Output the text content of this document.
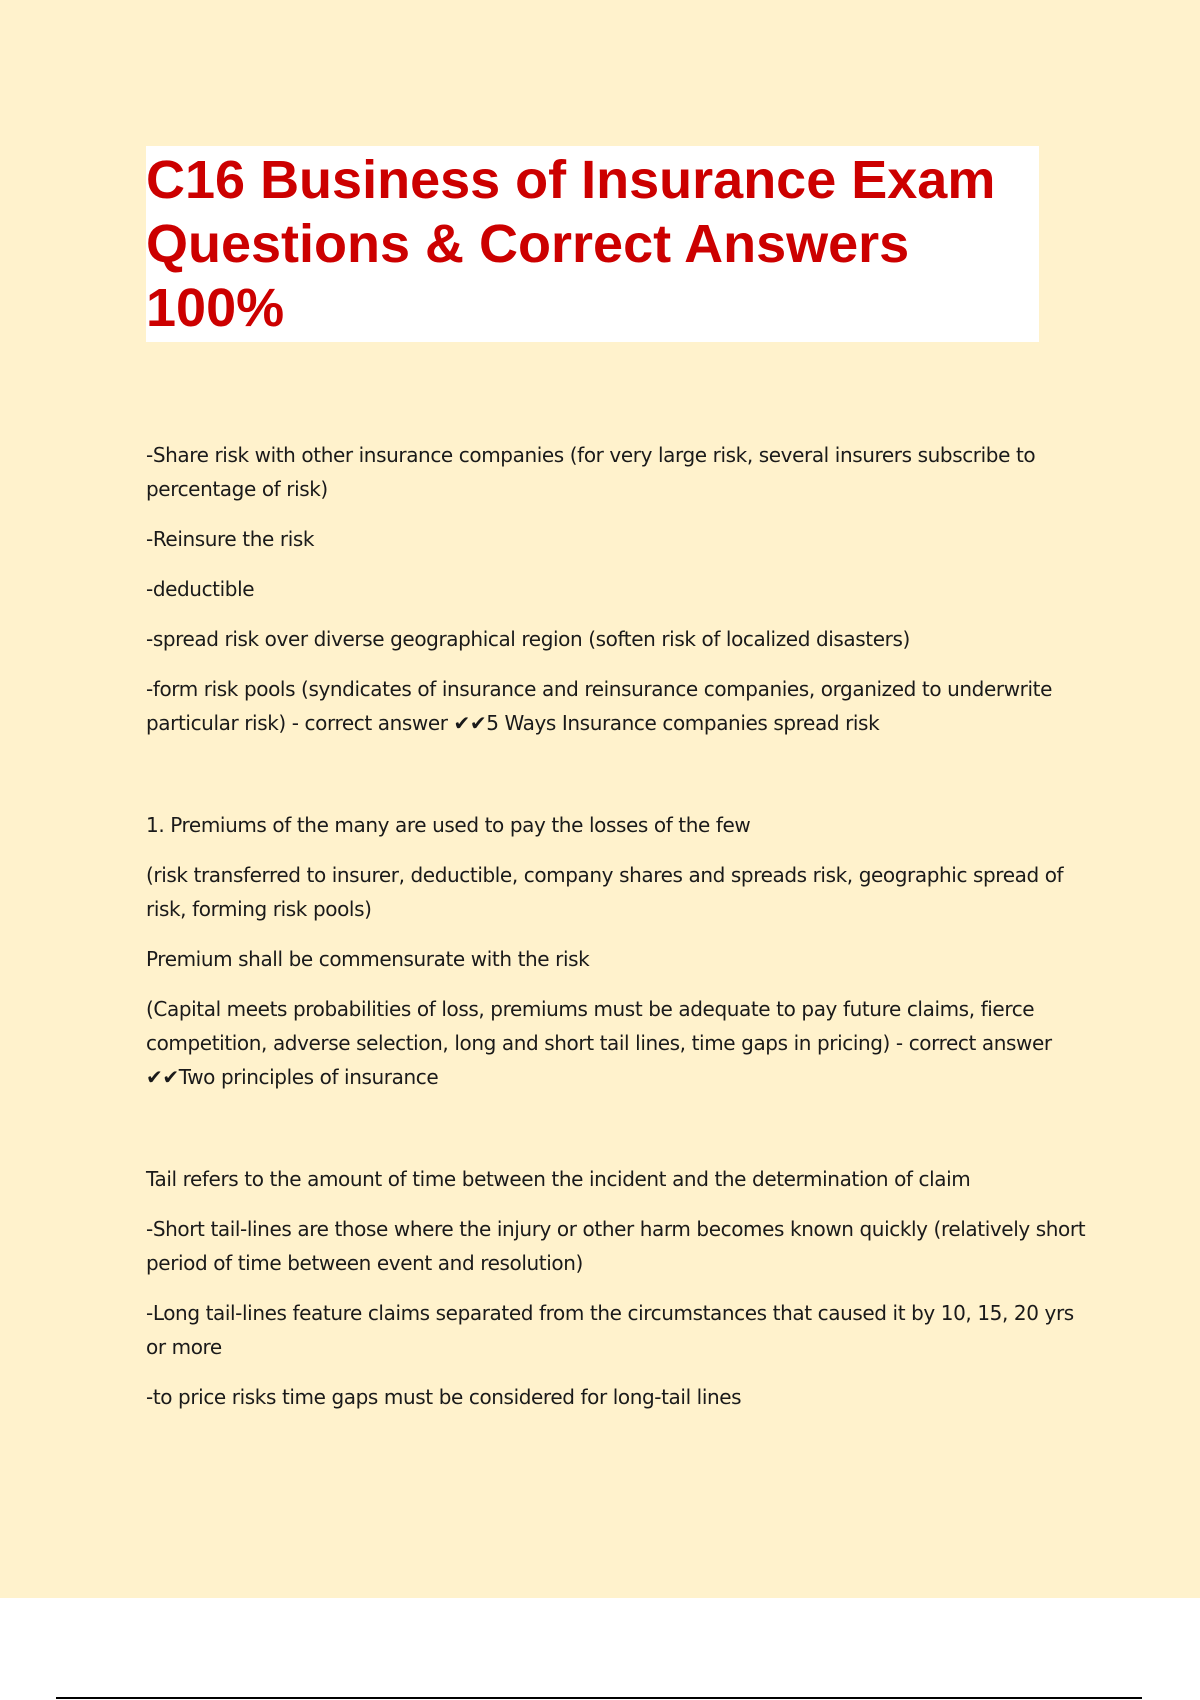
C16 Business of Insurance Exam Questions & Correct Answers 100%

-Share risk with other insurance companies (for very large risk, several insurers subscribe to percentage of risk)

-Reinsure the risk

-deductible

-spread risk over diverse geographical region (soften risk of localized disasters)

-form risk pools (syndicates of insurance and reinsurance companies, organized to underwrite particular risk) - correct answer ✔✔5 Ways Insurance companies spread risk

1. Premiums of the many are used to pay the losses of the few

(risk transferred to insurer, deductible, company shares and spreads risk, geographic spread of risk, forming risk pools)

Premium shall be commensurate with the risk

(Capital meets probabilities of loss, premiums must be adequate to pay future claims, fierce competition, adverse selection, long and short tail lines, time gaps in pricing) - correct answer ✔✔Two principles of insurance

Tail refers to the amount of time between the incident and the determination of claim

-Short tail-lines are those where the injury or other harm becomes known quickly (relatively short period of time between event and resolution)

-Long tail-lines feature claims separated from the circumstances that caused it by 10, 15, 20 yrs or more

-to price risks time gaps must be considered for long-tail lines
